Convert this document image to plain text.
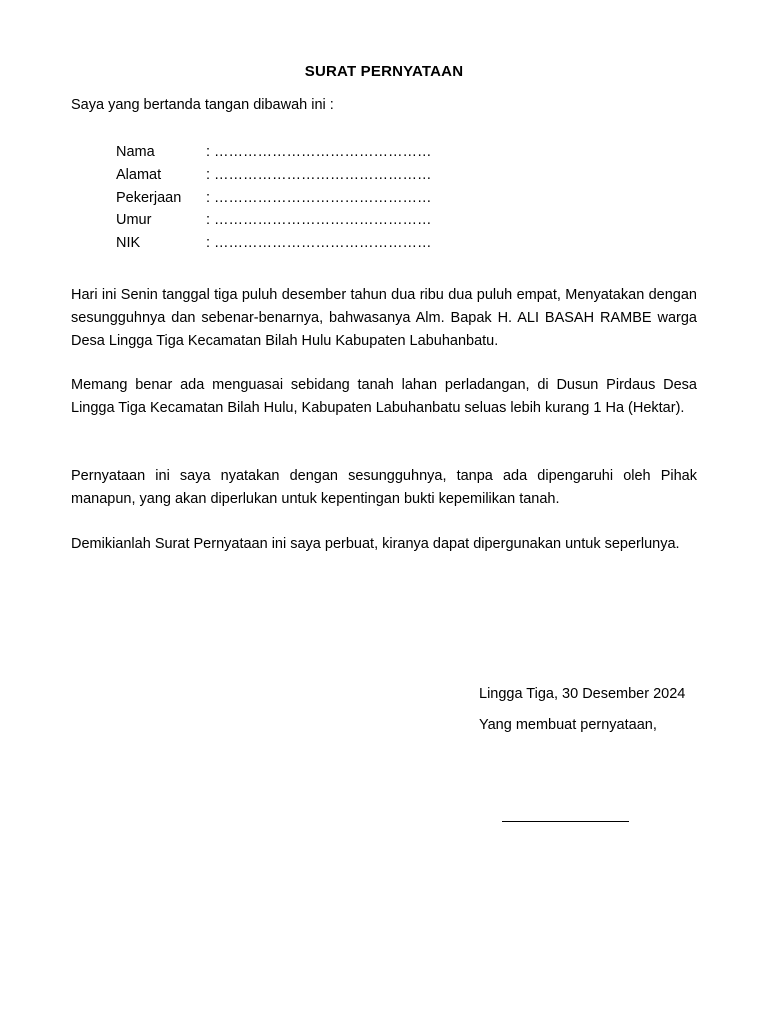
SURAT PERNYATAAN
Saya yang bertanda tangan dibawah ini :
Nama	: ………………………………………
Alamat	: ………………………………………
Pekerjaan : ………………………………………
Umur	: ………………………………………
NIK	: ………………………………………
Hari ini Senin tanggal tiga puluh desember tahun dua ribu dua puluh empat, Menyatakan dengan sesungguhnya dan sebenar-benarnya, bahwasanya Alm. Bapak H. ALI BASAH RAMBE warga Desa Lingga Tiga Kecamatan Bilah Hulu Kabupaten Labuhanbatu.
Memang benar ada menguasai sebidang tanah lahan perladangan, di Dusun Pirdaus Desa Lingga Tiga Kecamatan Bilah Hulu, Kabupaten Labuhanbatu seluas lebih kurang 1 Ha (Hektar).
Pernyataan ini saya nyatakan dengan sesungguhnya, tanpa ada dipengaruhi oleh Pihak manapun, yang akan diperlukan untuk kepentingan bukti kepemilikan tanah.
Demikianlah Surat Pernyataan ini saya perbuat, kiranya dapat dipergunakan untuk seperlunya.
Lingga Tiga, 30 Desember 2024
Yang membuat pernyataan,
